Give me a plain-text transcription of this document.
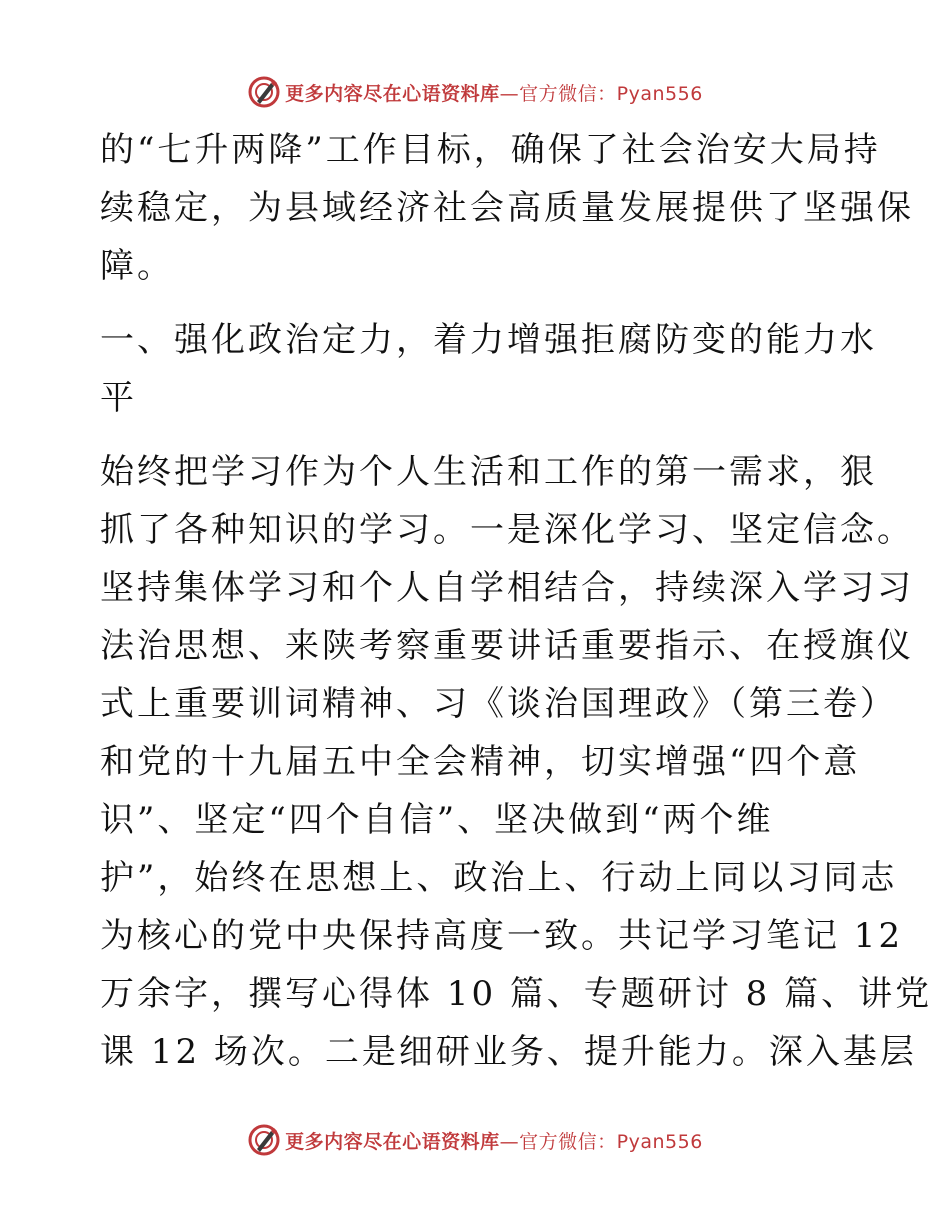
更多内容尽在心语资料库—官方微信：Pyan556
的“七升两降”工作目标，确保了社会治安大局持
续稳定，为县域经济社会高质量发展提供了坚强保
障。
一、强化政治定力，着力增强拒腐防变的能力水
平
始终把学习作为个人生活和工作的第一需求，狠
抓了各种知识的学习。一是深化学习、坚定信念。
坚持集体学习和个人自学相结合，持续深入学习习
法治思想、来陕考察重要讲话重要指示、在授旗仪
式上重要训词精神、习《谈治国理政》（第三卷）
和党的十九届五中全会精神，切实增强“四个意
识”、坚定“四个自信”、坚决做到“两个维
护”，始终在思想上、政治上、行动上同以习同志
为核心的党中央保持高度一致。共记学习笔记 12
万余字，撰写心得体 10 篇、专题研讨 8 篇、讲党
课 12 场次。二是细研业务、提升能力。深入基层
更多内容尽在心语资料库—官方微信：Pyan556
